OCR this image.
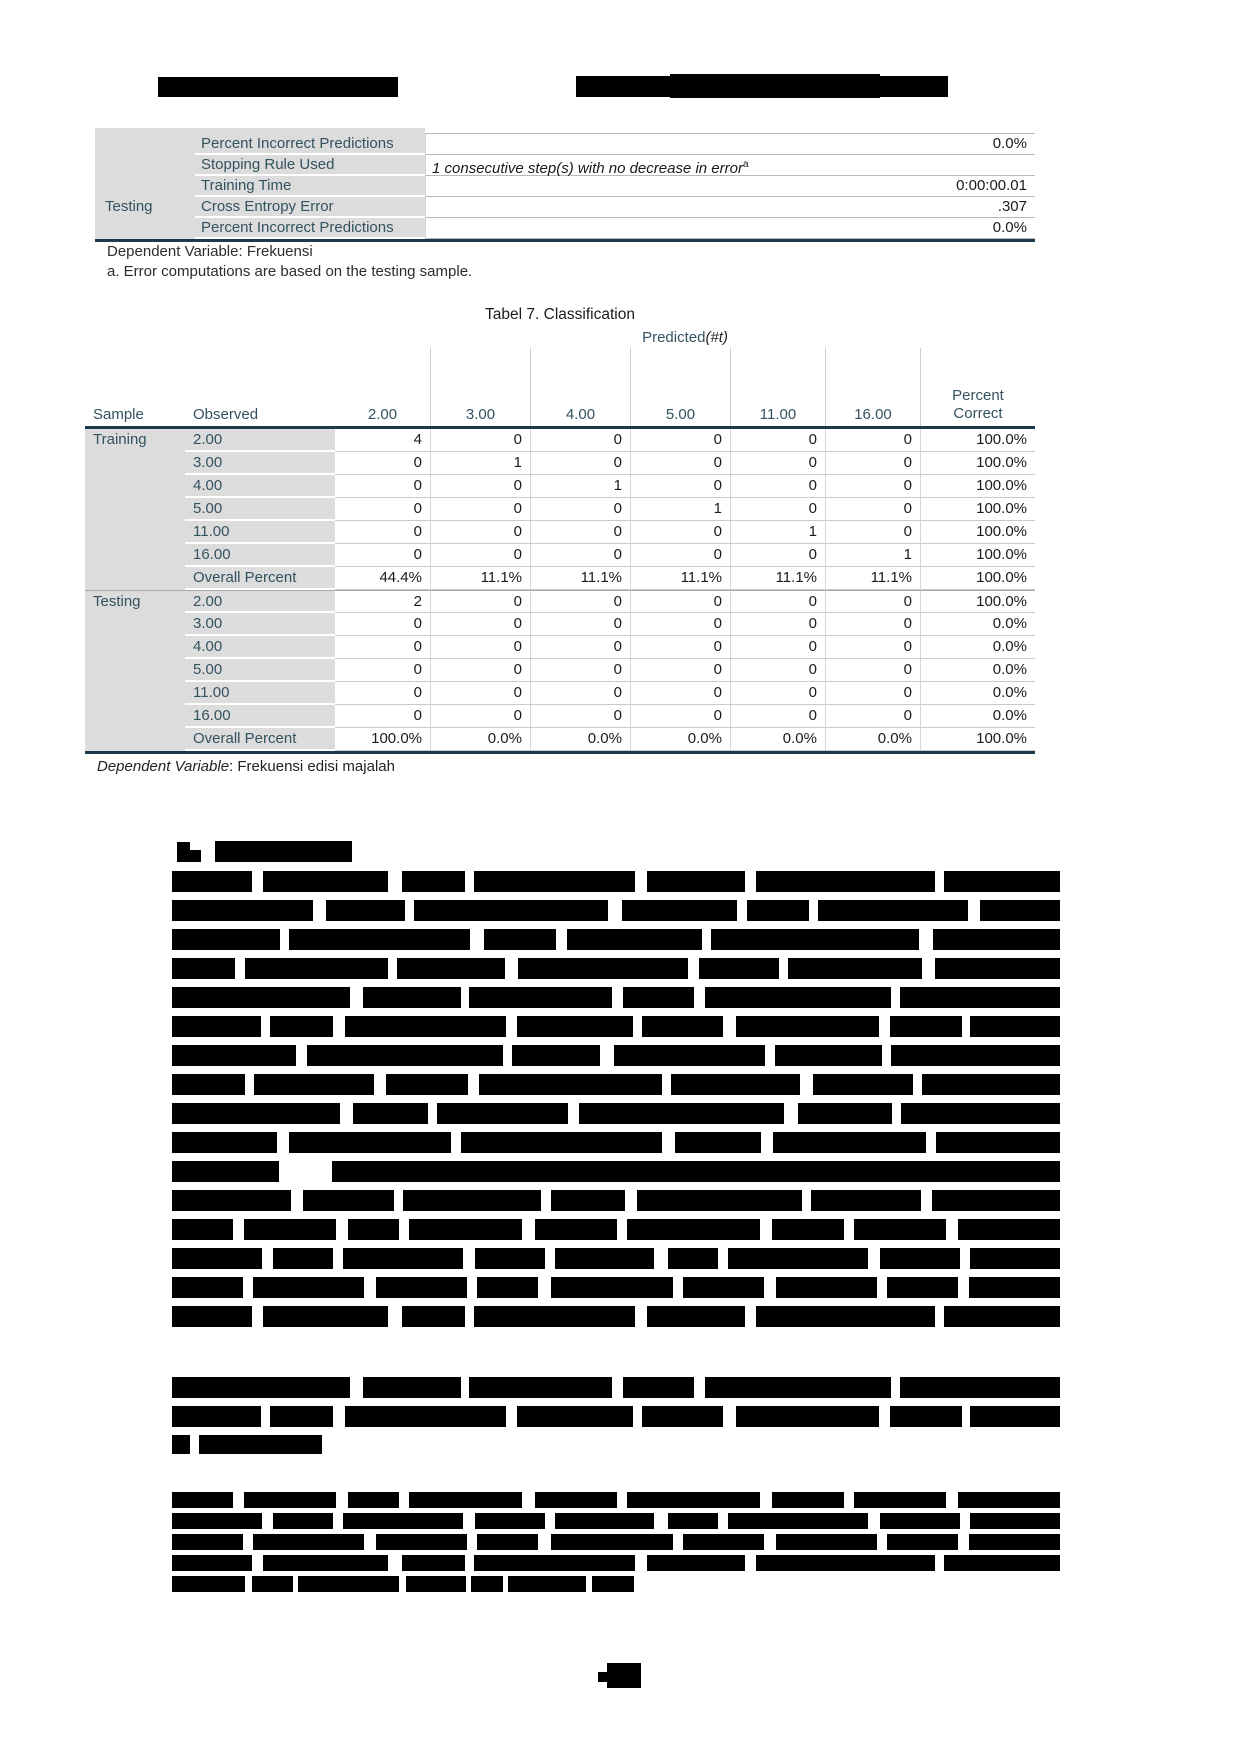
Percent Incorrect Predictions	0.0%
Stopping Rule Used	1 consecutive step(s) with no decrease in error$^a$
Training Time	0:00:00.01
Testing	Cross Entropy Error	.307
Percent Incorrect Predictions	0.0%
Dependent Variable: Frekuensi
a. Error computations are based on the testing sample.
Tabel 7. Classification
Predicted(#t)
Sample	Observed	2.00	3.00	4.00	5.00	11.00	16.00
Percent
Correct
Training	2.00	4	0	0	0	0	0	100.0%
3.00	0	1	0	0	0	0	100.0%
4.00	0	0	1	0	0	0	100.0%
5.00	0	0	0	1	0	0	100.0%
11.00	0	0	0	0	1	0	100.0%
16.00	0	0	0	0	0	1	100.0%
Overall Percent	44.4%	11.1%	11.1%	11.1%	11.1%	11.1%	100.0%
Testing	2.00	2	0	0	0	0	0	100.0%
3.00	0	0	0	0	0	0	0.0%
4.00	0	0	0	0	0	0	0.0%
5.00	0	0	0	0	0	0	0.0%
11.00	0	0	0	0	0	0	0.0%
16.00	0	0	0	0	0	0	0.0%
Overall Percent	100.0%	0.0%	0.0%	0.0%	0.0%	0.0%	100.0%
Dependent Variable: Frekuensi edisi majalah
